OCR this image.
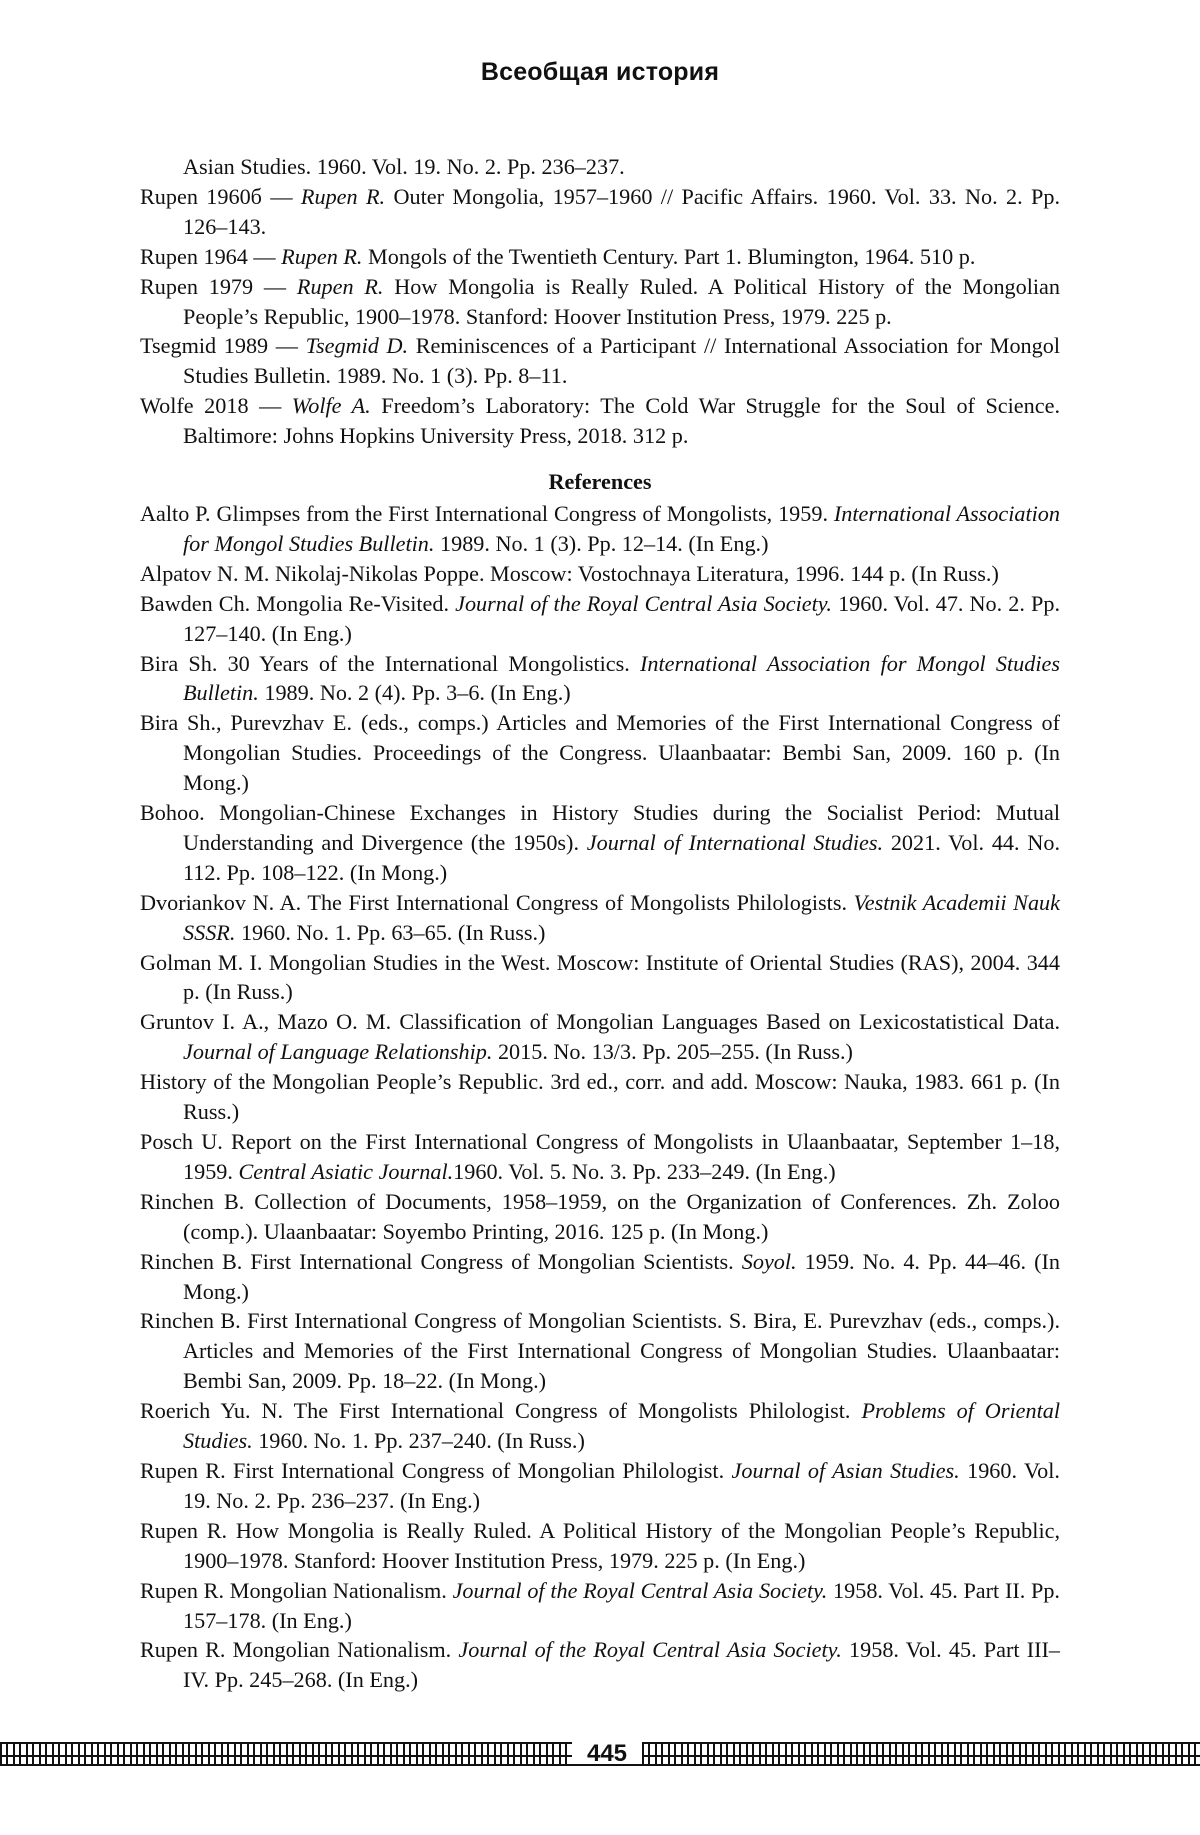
Всеобщая история
Asian Studies. 1960. Vol. 19. No. 2. Pp. 236–237.
Rupen 1960б — Rupen R. Outer Mongolia, 1957–1960 // Pacific Affairs. 1960. Vol. 33. No. 2. Pp. 126–143.
Rupen 1964 — Rupen R. Mongols of the Twentieth Century. Part 1. Blumington, 1964. 510 p.
Rupen 1979 — Rupen R. How Mongolia is Really Ruled. A Political History of the Mongolian People’s Republic, 1900–1978. Stanford: Hoover Institution Press, 1979. 225 p.
Tsegmid 1989 — Tsegmid D. Reminiscences of a Participant // International Association for Mongol Studies Bulletin. 1989. No. 1 (3). Pp. 8–11.
Wolfe 2018 — Wolfe A. Freedom’s Laboratory: The Cold War Struggle for the Soul of Science. Baltimore: Johns Hopkins University Press, 2018. 312 p.
References
Aalto P. Glimpses from the First International Congress of Mongolists, 1959. International Association for Mongol Studies Bulletin. 1989. No. 1 (3). Pp. 12–14. (In Eng.)
Alpatov N. M. Nikolaj-Nikolas Poppe. Moscow: Vostochnaya Literatura, 1996. 144 p. (In Russ.)
Bawden Ch. Mongolia Re-Visited. Journal of the Royal Central Asia Society. 1960. Vol. 47. No. 2. Pp. 127–140. (In Eng.)
Bira Sh. 30 Years of the International Mongolistics. International Association for Mongol Studies Bulletin. 1989. No. 2 (4). Pp. 3–6. (In Eng.)
Bira Sh., Purevzhav E. (eds., comps.) Articles and Memories of the First International Congress of Mongolian Studies. Proceedings of the Congress. Ulaanbaatar: Bembi San, 2009. 160 p. (In Mong.)
Bohoo. Mongolian-Chinese Exchanges in History Studies during the Socialist Period: Mutual Understanding and Divergence (the 1950s). Journal of International Studies. 2021. Vol. 44. No. 112. Pp. 108–122. (In Mong.)
Dvoriankov N. A. The First International Congress of Mongolists Philologists. Vestnik Academii Nauk SSSR. 1960. No. 1. Pp. 63–65. (In Russ.)
Golman M. I. Mongolian Studies in the West. Moscow: Institute of Oriental Studies (RAS), 2004. 344 p. (In Russ.)
Gruntov I. A., Mazo O. M. Classification of Mongolian Languages Based on Lexicostatistical Data. Journal of Language Relationship. 2015. No. 13/3. Pp. 205–255. (In Russ.)
History of the Mongolian People’s Republic. 3rd ed., corr. and add. Moscow: Nauka, 1983. 661 p. (In Russ.)
Posch U. Report on the First International Congress of Mongolists in Ulaanbaatar, September 1–18, 1959. Central Asiatic Journal.1960. Vol. 5. No. 3. Pp. 233–249. (In Eng.)
Rinchen B. Collection of Documents, 1958–1959, on the Organization of Conferences. Zh. Zoloo (comp.). Ulaanbaatar: Soyembo Printing, 2016. 125 p. (In Mong.)
Rinchen B. First International Congress of Mongolian Scientists. Soyol. 1959. No. 4. Pp. 44–46. (In Mong.)
Rinchen B. First International Congress of Mongolian Scientists. S. Bira, E. Purevzhav (eds., comps.). Articles and Memories of the First International Congress of Mongolian Studies. Ulaanbaatar: Bembi San, 2009. Pp. 18–22. (In Mong.)
Roerich Yu. N. The First International Congress of Mongolists Philologist. Problems of Oriental Studies. 1960. No. 1. Pp. 237–240. (In Russ.)
Rupen R. First International Congress of Mongolian Philologist. Journal of Asian Studies. 1960. Vol. 19. No. 2. Pp. 236–237. (In Eng.)
Rupen R. How Mongolia is Really Ruled. A Political History of the Mongolian People’s Republic, 1900–1978. Stanford: Hoover Institution Press, 1979. 225 p. (In Eng.)
Rupen R. Mongolian Nationalism. Journal of the Royal Central Asia Society. 1958. Vol. 45. Part II. Pp. 157–178. (In Eng.)
Rupen R. Mongolian Nationalism. Journal of the Royal Central Asia Society. 1958. Vol. 45. Part III–IV. Pp. 245–268. (In Eng.)
445
